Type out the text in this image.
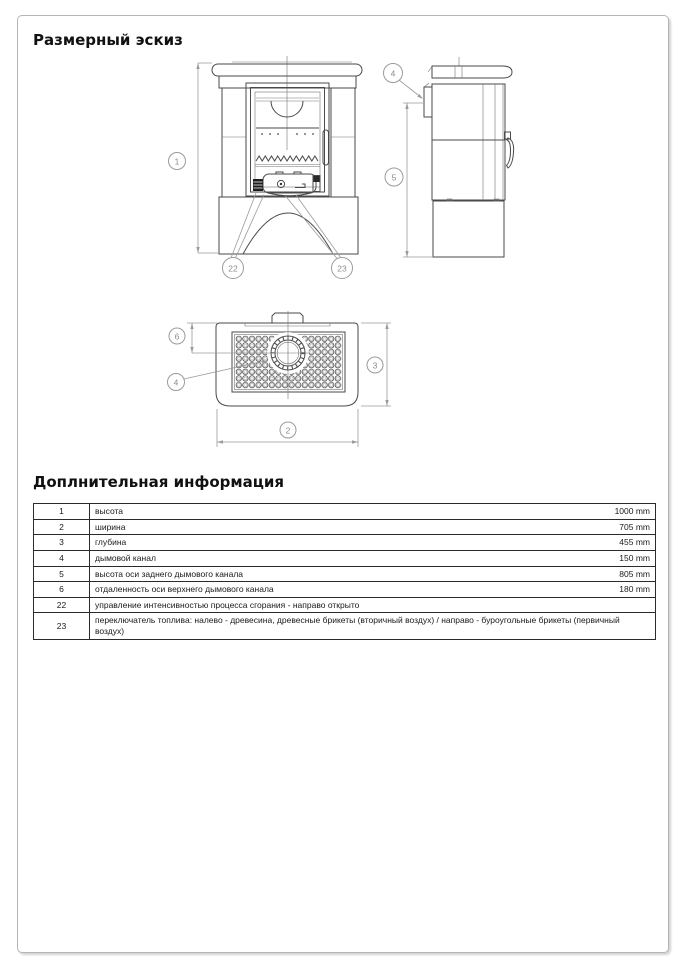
Размерный эскиз
1
22	23
5
4
6
4
3
2
Доплнительная информация
1	высота 1000 mm

2	ширина 705 mm

3	глубина 455 mm

4	дымовой канал 150 mm

5	высота оси заднего дымового канала 805 mm

6	отдаленность оси верхнего дымового канала 180 mm

22	управление интенсивностью процесса сгорания - направо открыто

23	переключатель топлива: налево - древесина, древесные брикеты (вторичный воздух) / направо - буроугольные брикеты (первичный воздух)
